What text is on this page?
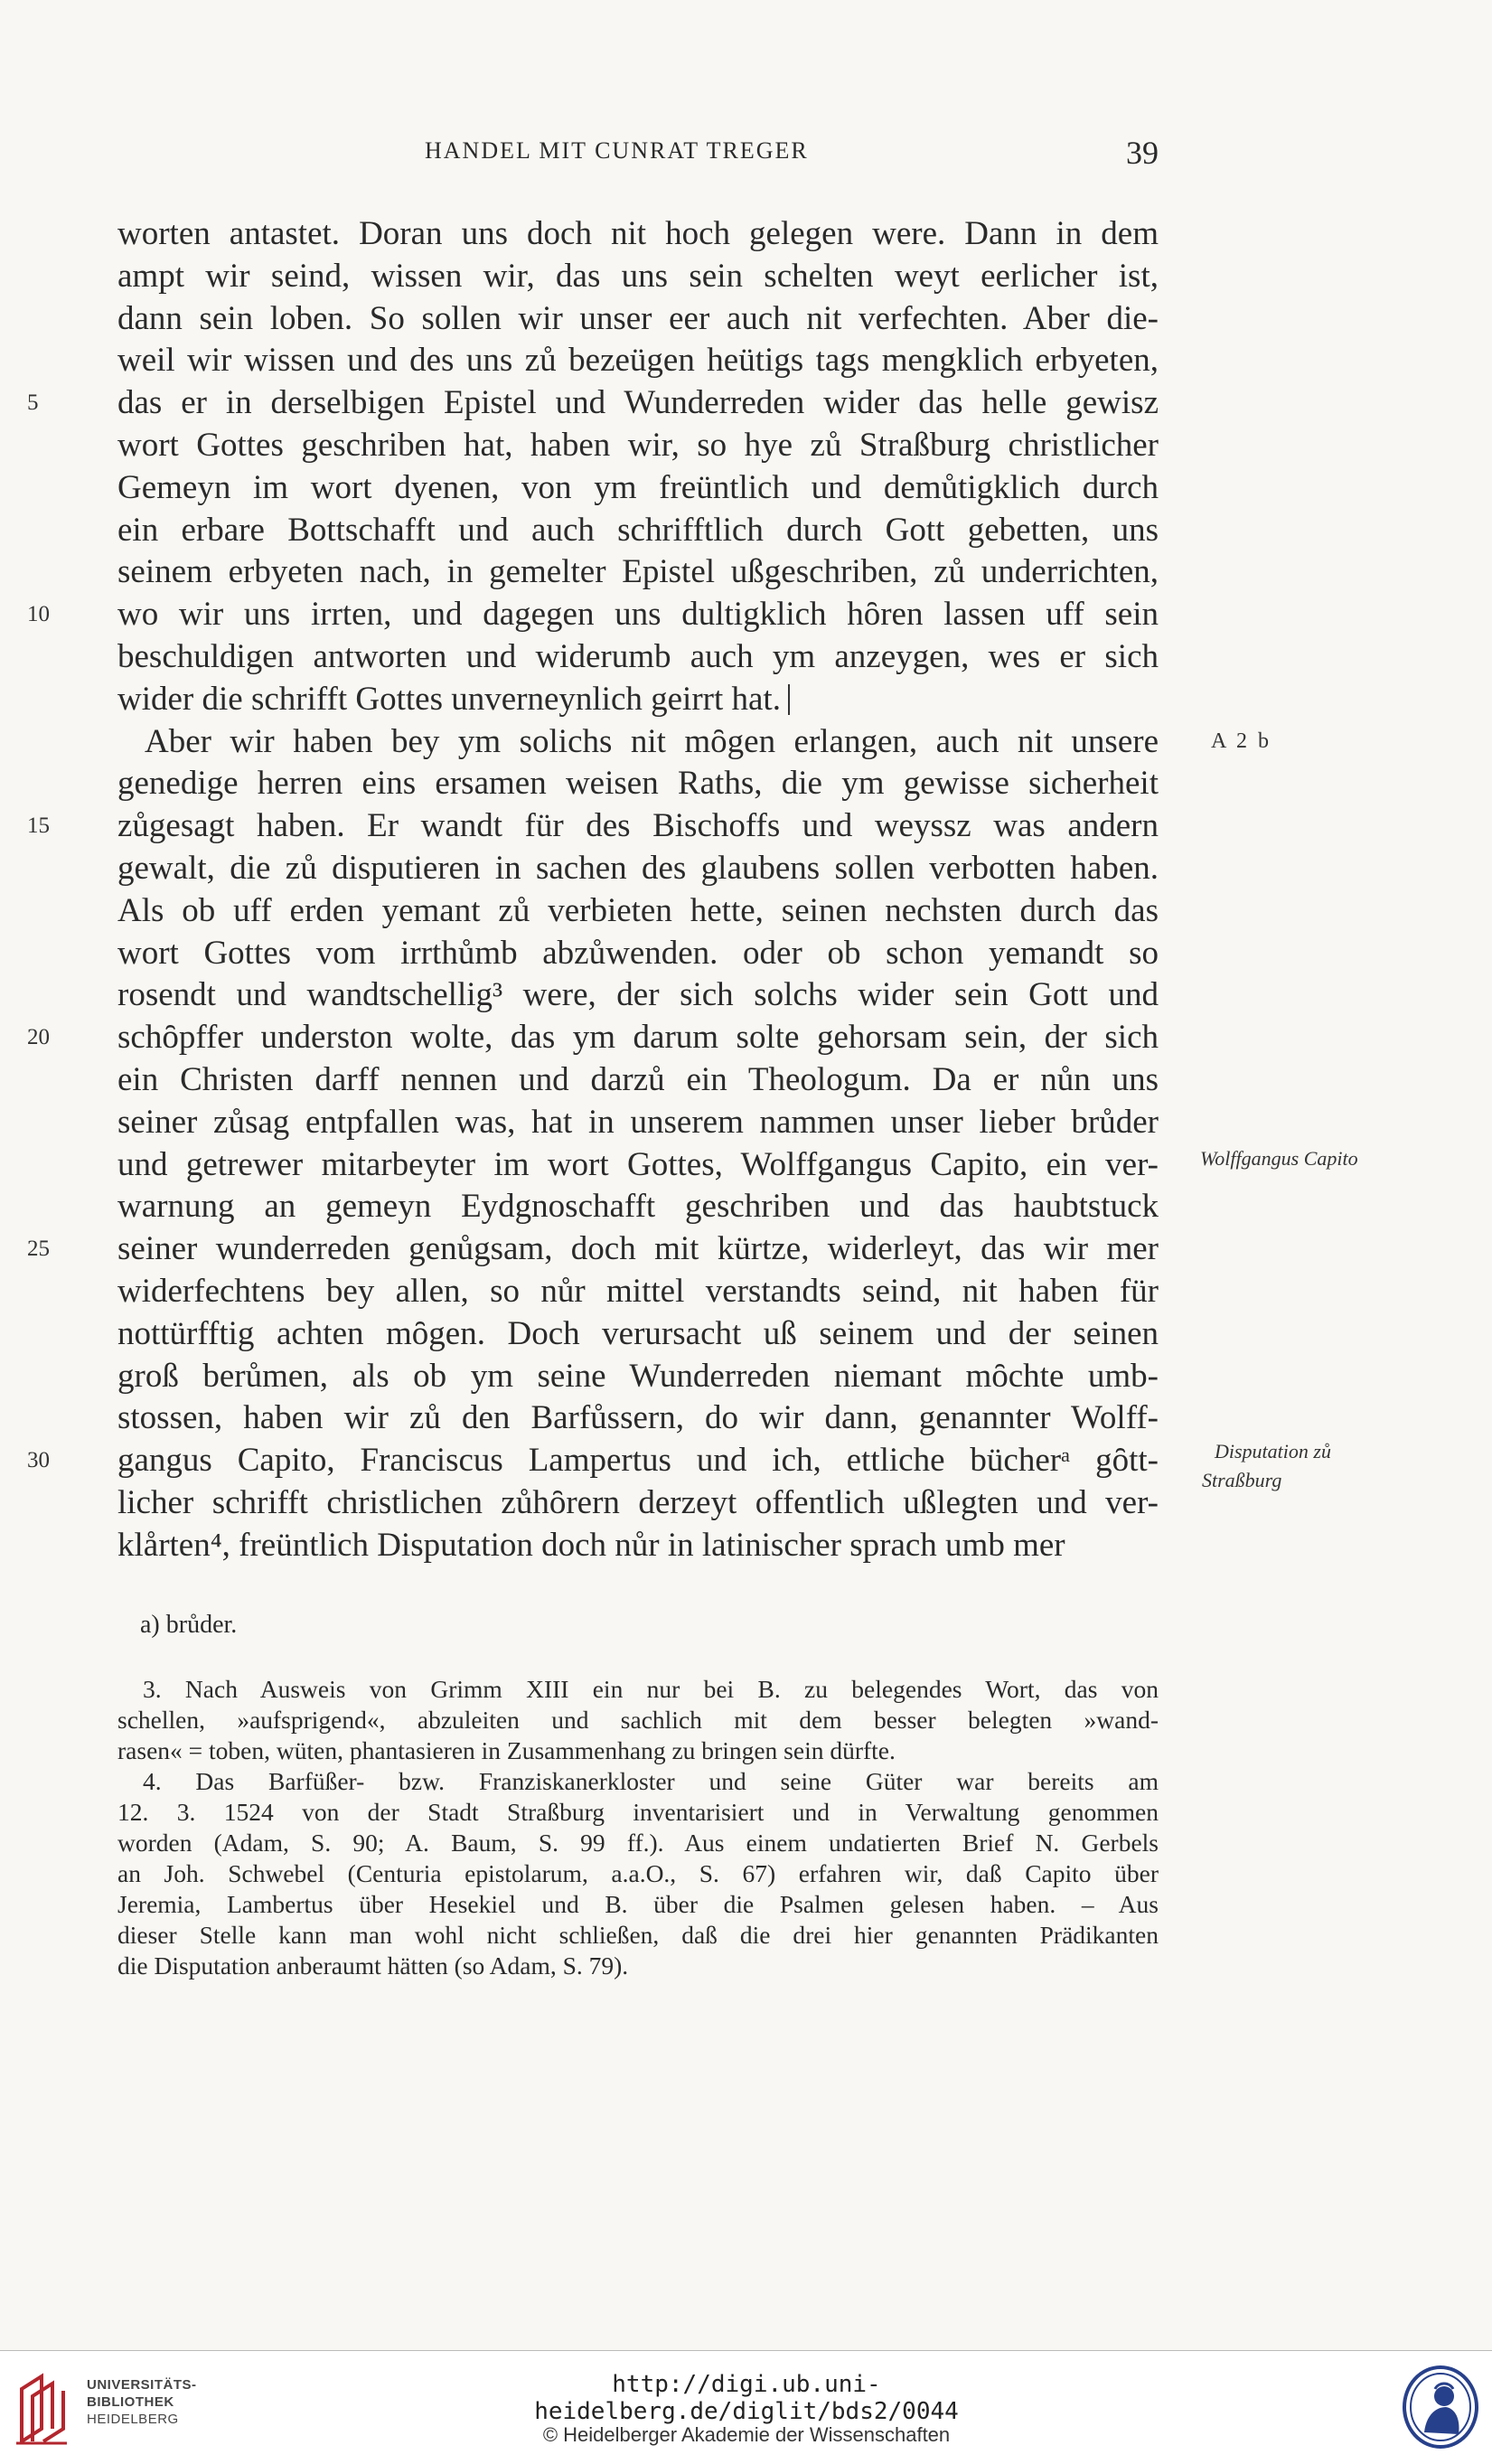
HANDEL MIT CUNRAT TREGER	39
worten antastet. Doran uns doch nit hoch gelegen were. Dann in dem
ampt wir seind, wissen wir, das uns sein schelten weyt eerlicher ist,
dann sein loben. So sollen wir unser eer auch nit verfechten. Aber die-
weil wir wissen und des uns zů bezeügen heütigs tags mengklich erbyeten,
5	das er in derselbigen Epistel und Wunderreden wider das helle gewisz
wort Gottes geschriben hat, haben wir, so hye zů Straßburg christlicher
Gemeyn im wort dyenen, von ym freüntlich und demůtigklich durch
ein erbare Bottschafft und auch schrifftlich durch Gott gebetten, uns
seinem erbyeten nach, in gemelter Epistel ußgeschriben, zů underrichten,
10	wo wir uns irrten, und dagegen uns dultigklich hȏren lassen uff sein
beschuldigen antworten und widerumb auch ym anzeygen, wes er sich
wider die schrifft Gottes unverneynlich geirrt hat.
Aber wir haben bey ym solichs nit mȏgen erlangen, auch nit unsere
genedige herren eins ersamen weisen Raths, die ym gewisse sicherheit
15	zůgesagt haben. Er wandt für des Bischoffs und weyssz was andern
gewalt, die zů disputieren in sachen des glaubens sollen verbotten haben.
Als ob uff erden yemant zů verbieten hette, seinen nechsten durch das
wort Gottes vom irrthůmb abzůwenden. oder ob schon yemandt so
rosendt und wandtschellig³ were, der sich solchs wider sein Gott und
20	schȏpffer underston wolte, das ym darum solte gehorsam sein, der sich
ein Christen darff nennen und darzů ein Theologum. Da er nůn uns
seiner zůsag entpfallen was, hat in unserem nammen unser lieber brůder
und getrewer mitarbeyter im wort Gottes, Wolffgangus Capito, ein ver-
warnung an gemeyn Eydgnoschafft geschriben und das haubtstuck
25	seiner wunderreden genůgsam, doch mit kürtze, widerleyt, das wir mer
widerfechtens bey allen, so nůr mittel verstandts seind, nit haben für
nottürfftig achten mȏgen. Doch verursacht uß seinem und der seinen
groß berůmen, als ob ym seine Wunderreden niemant mȏchte umb-
stossen, haben wir zů den Barfůssern, do wir dann, genannter Wolff-
30	gangus Capito, Franciscus Lampertus und ich, ettliche bücherᵃ gȏtt-
licher schrifft christlichen zůhȏrern derzeyt offentlich ußlegten und ver-
klårten⁴, freüntlich Disputation doch nůr in latinischer sprach umb mer
A 2 b
Wolffgangus Capito
Disputation zů
Straßburg
a) brůder.
3. Nach Ausweis von Grimm XIII ein nur bei B. zu belegendes Wort, das von
schellen, »aufsprigend«, abzuleiten und sachlich mit dem besser belegten »wand-
rasen« = toben, wüten, phantasieren in Zusammenhang zu bringen sein dürfte.
4. Das Barfüßer- bzw. Franziskanerkloster und seine Güter war bereits am
12. 3. 1524 von der Stadt Straßburg inventarisiert und in Verwaltung genommen
worden (Adam, S. 90; A. Baum, S. 99 ff.). Aus einem undatierten Brief N. Gerbels
an Joh. Schwebel (Centuria epistolarum, a.a.O., S. 67) erfahren wir, daß Capito über
Jeremia, Lambertus über Hesekiel und B. über die Psalmen gelesen haben. – Aus
dieser Stelle kann man wohl nicht schließen, daß die drei hier genannten Prädikanten
die Disputation anberaumt hätten (so Adam, S. 79).
UNIVERSITÄTS-
BIBLIOTHEK
HEIDELBERG
http://digi.ub.uni-heidelberg.de/diglit/bds2/0044
© Heidelberger Akademie der Wissenschaften
